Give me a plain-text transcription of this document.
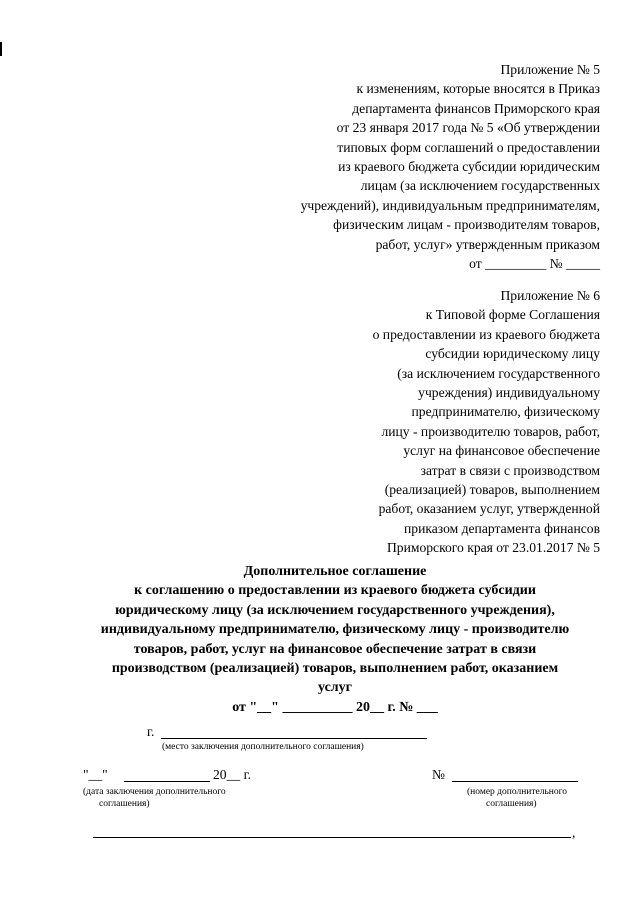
Приложение № 5
к изменениям, которые вносятся в Приказ
департамента финансов Приморского края
от 23 января 2017 года № 5 «Об утверждении
типовых форм соглашений о предоставлении
из краевого бюджета субсидии юридическим
лицам (за исключением государственных
учреждений), индивидуальным предпринимателям,
физическим лицам - производителям товаров,
работ, услуг» утвержденным приказом
от _________ № _____
Приложение № 6
к Типовой форме Соглашения
о предоставлении из краевого бюджета
субсидии юридическому лицу
(за исключением государственного
учреждения) индивидуальному
предпринимателю, физическому
лицу - производителю товаров, работ,
услуг на финансовое обеспечение
затрат в связи с производством
(реализацией) товаров, выполнением
работ, оказанием услуг, утвержденной
приказом департамента финансов
Приморского края от 23.01.2017 № 5
Дополнительное соглашение
к соглашению о предоставлении из краевого бюджета субсидии
юридическому лицу (за исключением государственного учреждения),
индивидуальному предпринимателю, физическому лицу - производителю
товаров, работ, услуг на финансовое обеспечение затрат в связи
производством (реализацией) товаров, выполнением работ, оказанием
услуг
от "__" __________ 20__ г. № ___
г.
(место заключения дополнительного соглашения)
"__"	20__ г.
(дата заключения дополнительного
соглашения)
№
(номер дополнительного
соглашения)
,
